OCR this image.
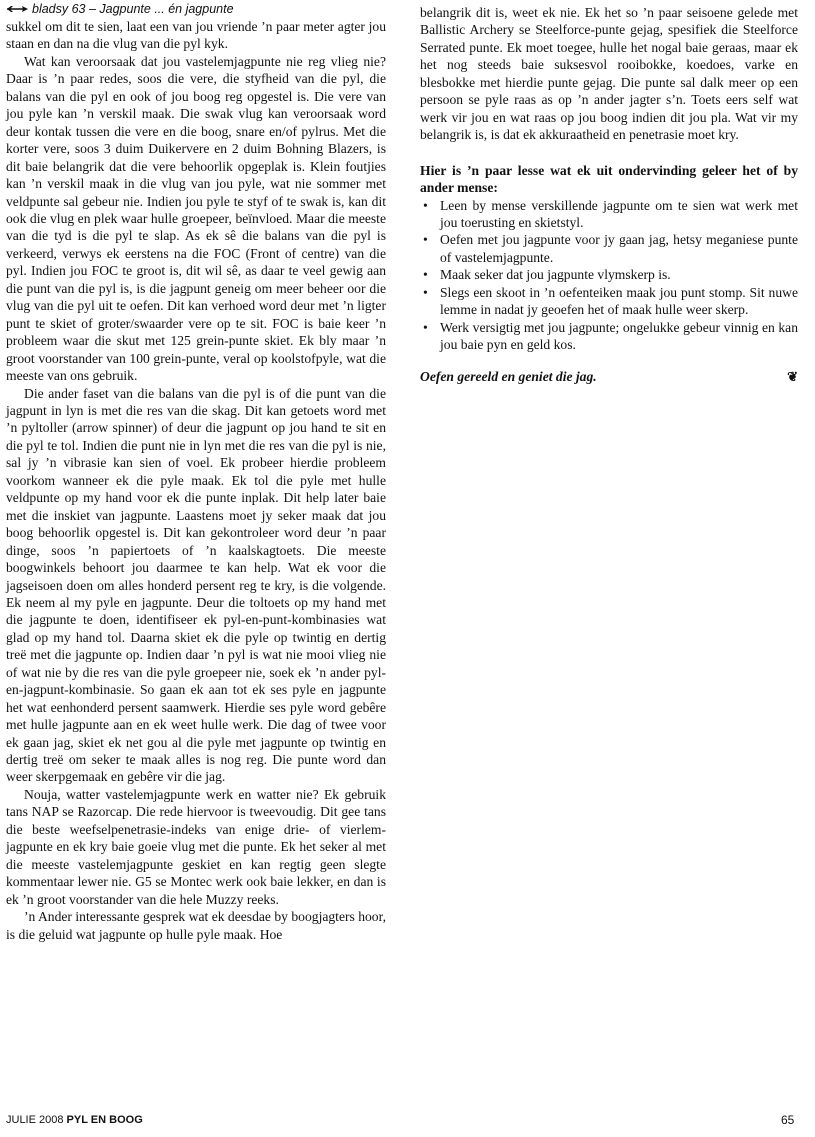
bladsy 63 – Jagpunte ... én jagpunte

sukkel om dit te sien, laat een van jou vriende ’n paar meter agter jou staan en dan na die vlug van die pyl kyk.

Wat kan veroorsaak dat jou vastelemjagpunte nie reg vlieg nie? Daar is ’n paar redes, soos die vere, die styfheid van die pyl, die balans van die pyl en ook of jou boog reg opgestel is. Die vere van jou pyle kan ’n verskil maak. Die swak vlug kan veroorsaak word deur kontak tussen die vere en die boog, snare en/of pylrus. Met die korter vere, soos 3 duim Duikervere en 2 duim Bohning Blazers, is dit baie belangrik dat die vere behoorlik opgeplak is. Klein foutjies kan ’n verskil maak in die vlug van jou pyle, wat nie sommer met veldpunte sal gebeur nie. Indien jou pyle te styf of te swak is, kan dit ook die vlug en plek waar hulle groepeer, beïnvloed. Maar die meeste van die tyd is die pyl te slap. As ek sê die balans van die pyl is verkeerd, verwys ek eerstens na die FOC (Front of centre) van die pyl. Indien jou FOC te groot is, dit wil sê, as daar te veel gewig aan die punt van die pyl is, is die jagpunt geneig om meer beheer oor die vlug van die pyl uit te oefen. Dit kan verhoed word deur met ’n ligter punt te skiet of groter/swaarder vere op te sit. FOC is baie keer ’n probleem waar die skut met 125 grein-punte skiet. Ek bly maar ’n groot voorstander van 100 grein-punte, veral op koolstofpyle, wat die meeste van ons gebruik.

Die ander faset van die balans van die pyl is of die punt van die jagpunt in lyn is met die res van die skag. Dit kan getoets word met ’n pyltoller (arrow spinner) of deur die jagpunt op jou hand te sit en die pyl te tol. Indien die punt nie in lyn met die res van die pyl is nie, sal jy ’n vibrasie kan sien of voel. Ek probeer hierdie probleem voorkom wanneer ek die pyle maak. Ek tol die pyle met hulle veldpunte op my hand voor ek die punte inplak. Dit help later baie met die inskiet van jagpunte. Laastens moet jy seker maak dat jou boog behoorlik opgestel is. Dit kan gekontroleer word deur ’n paar dinge, soos ’n papiertoets of ’n kaalskagtoets. Die meeste boogwinkels behoort jou daarmee te kan help. Wat ek voor die jagseisoen doen om alles honderd persent reg te kry, is die volgende. Ek neem al my pyle en jagpunte. Deur die toltoets op my hand met die jagpunte te doen, identifiseer ek pyl-en-punt-kombinasies wat glad op my hand tol. Daarna skiet ek die pyle op twintig en dertig treë met die jagpunte op. Indien daar ’n pyl is wat nie mooi vlieg nie of wat nie by die res van die pyle groepeer nie, soek ek ’n ander pyl-en-jagpunt-kombinasie. So gaan ek aan tot ek ses pyle en jagpunte het wat eenhonderd persent saamwerk. Hierdie ses pyle word gebêre met hulle jagpunte aan en ek weet hulle werk. Die dag of twee voor ek gaan jag, skiet ek net gou al die pyle met jagpunte op twintig en dertig treë om seker te maak alles is nog reg. Die punte word dan weer skerpgemaak en gebêre vir die jag.

Nouja, watter vastelemjagpunte werk en watter nie? Ek gebruik tans NAP se Razorcap. Die rede hiervoor is tweevoudig. Dit gee tans die beste weefselpenetrasie-indeks van enige drie- of vierlem-jagpunte en ek kry baie goeie vlug met die punte. Ek het seker al met die meeste vastelemjagpunte geskiet en kan regtig geen slegte kommentaar lewer nie. G5 se Montec werk ook baie lekker, en dan is ek ’n groot voorstander van die hele Muzzy reeks.

’n Ander interessante gesprek wat ek deesdae by boogjagters hoor, is die geluid wat jagpunte op hulle pyle maak. Hoe

belangrik dit is, weet ek nie. Ek het so ’n paar seisoene gelede met Ballistic Archery se Steelforce-punte gejag, spesifiek die Steelforce Serrated punte. Ek moet toegee, hulle het nogal baie geraas, maar ek het nog steeds baie suksesvol rooibokke, koedoes, varke en blesbokke met hierdie punte gejag. Die punte sal dalk meer op een persoon se pyle raas as op ’n ander jagter s’n. Toets eers self wat werk vir jou en wat raas op jou boog indien dit jou pla. Wat vir my belangrik is, is dat ek akkuraatheid en penetrasie moet kry.

Hier is ’n paar lesse wat ek uit ondervinding geleer het of by ander mense:

• Leen by mense verskillende jagpunte om te sien wat werk met jou toerusting en skietstyl.
• Oefen met jou jagpunte voor jy gaan jag, hetsy meganiese punte of vastelemjagpunte.
• Maak seker dat jou jagpunte vlymskerp is.
• Slegs een skoot in ’n oefenteiken maak jou punt stomp. Sit nuwe lemme in nadat jy geoefen het of maak hulle weer skerp.
• Werk versigtig met jou jagpunte; ongelukke gebeur vinnig en kan jou baie pyn en geld kos.

Oefen gereeld en geniet die jag.	❦

JULIE 2008 PYL EN BOOG	65
